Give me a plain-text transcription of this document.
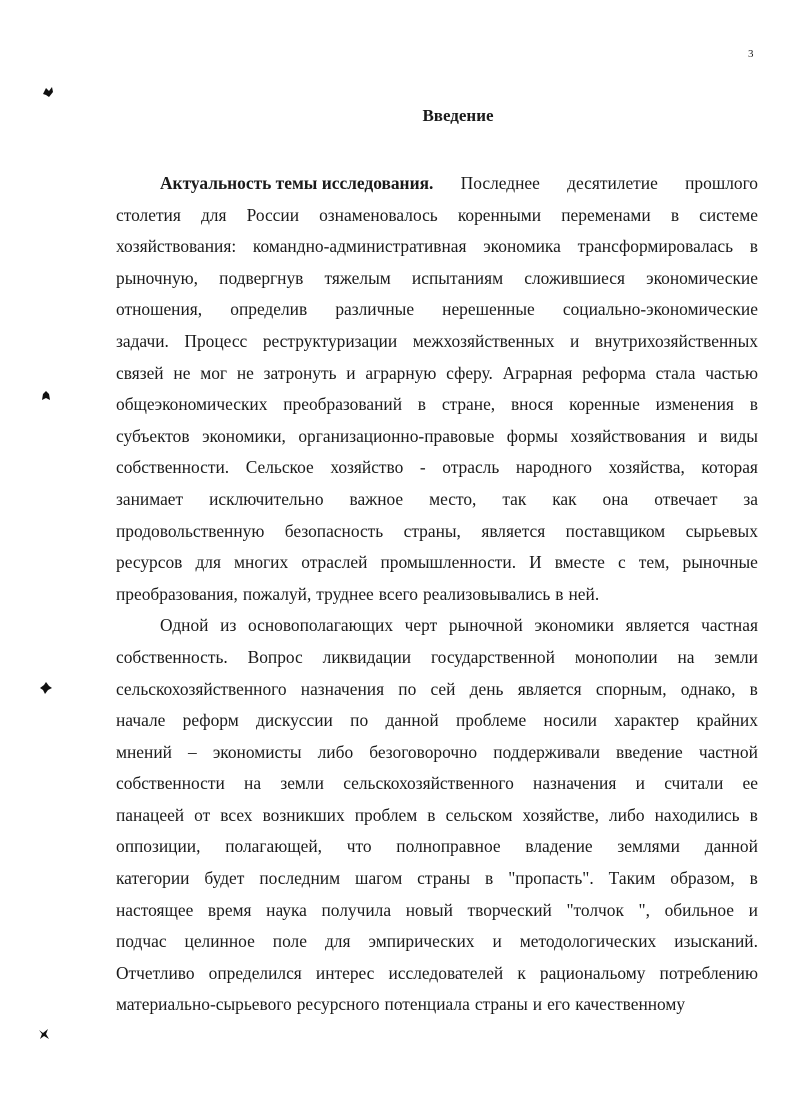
3
Введение
Актуальность темы исследования. Последнее десятилетие прошлого
столетия для России ознаменовалось коренными переменами в системе
хозяйствования: командно-административная экономика трансформировалась в
рыночную, подвергнув тяжелым испытаниям сложившиеся экономические
отношения, определив различные нерешенные социально-экономические
задачи. Процесс реструктуризации межхозяйственных и внутрихозяйственных
связей не мог не затронуть и аграрную сферу. Аграрная реформа стала частью
общеэкономических преобразований в стране, внося коренные изменения в
субъектов экономики, организационно-правовые формы хозяйствования и виды
собственности. Сельское хозяйство - отрасль народного хозяйства, которая
занимает исключительно важное место, так как она отвечает за
продовольственную безопасность страны, является поставщиком сырьевых
ресурсов для многих отраслей промышленности. И вместе с тем, рыночные
преобразования, пожалуй, труднее всего реализовывались в ней.
Одной из основополагающих черт рыночной экономики является частная
собственность. Вопрос ликвидации государственной монополии на земли
сельскохозяйственного назначения по сей день является спорным, однако, в
начале реформ дискуссии по данной проблеме носили характер крайних
мнений – экономисты либо безоговорочно поддерживали введение частной
собственности на земли сельскохозяйственного назначения и считали ее
панацеей от всех возникших проблем в сельском хозяйстве, либо находились в
оппозиции, полагающей, что полноправное владение землями данной
категории будет последним шагом страны в "пропасть". Таким образом, в
настоящее время наука получила новый творческий "толчок ", обильное и
подчас целинное поле для эмпирических и методологических изысканий.
Отчетливо определился интерес исследователей к рациональому потреблению
материально-сырьевого ресурсного потенциала страны и его качественному
